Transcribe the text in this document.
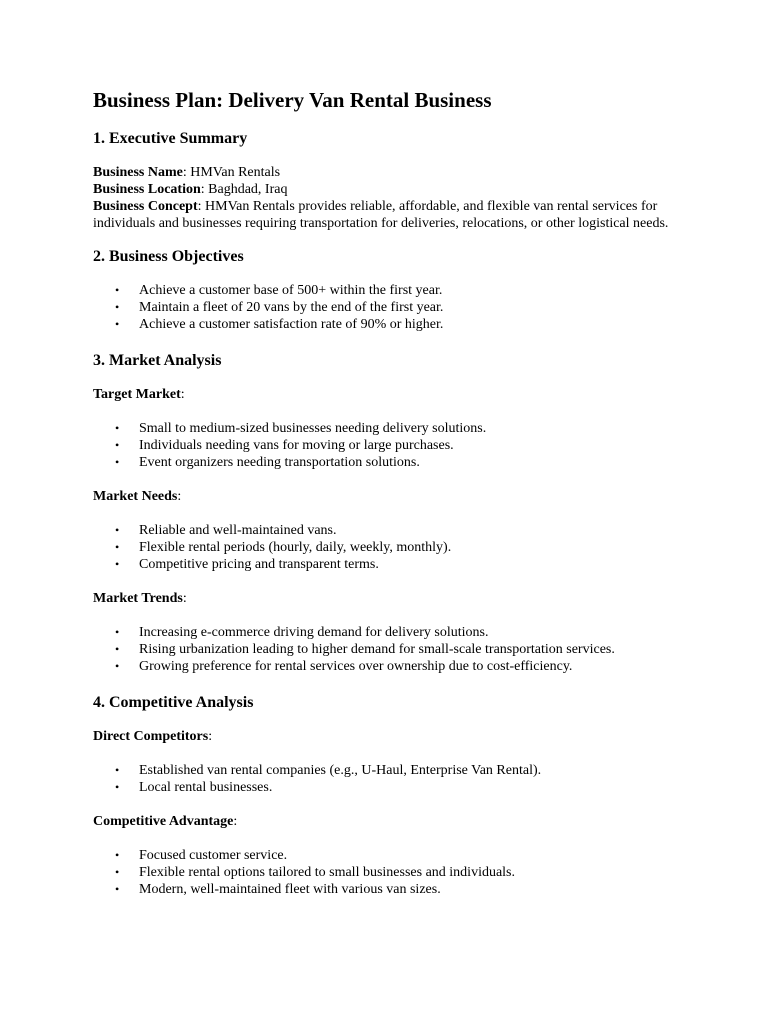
Business Plan: Delivery Van Rental Business
1. Executive Summary

Business Name: HMVan Rentals

Business Location: Baghdad, Iraq

Business Concept: HMVan Rentals provides reliable, affordable, and flexible van rental services for individuals and businesses requiring transportation for deliveries, relocations, or other logistical needs.

2. Business Objectives
• Achieve a customer base of 500+ within the first year.
• Maintain a fleet of 20 vans by the end of the first year.
• Achieve a customer satisfaction rate of 90% or higher.
3. Market Analysis

Target Market:

• Small to medium-sized businesses needing delivery solutions.
• Individuals needing vans for moving or large purchases.
• Event organizers needing transportation solutions.

Market Needs:

• Reliable and well-maintained vans.
• Flexible rental periods (hourly, daily, weekly, monthly).
• Competitive pricing and transparent terms.

Market Trends:

• Increasing e-commerce driving demand for delivery solutions.
• Rising urbanization leading to higher demand for small-scale transportation services.
• Growing preference for rental services over ownership due to cost-efficiency.
4. Competitive Analysis

Direct Competitors:

• Established van rental companies (e.g., U-Haul, Enterprise Van Rental).
• Local rental businesses.

Competitive Advantage:

• Focused customer service.
• Flexible rental options tailored to small businesses and individuals.
• Modern, well-maintained fleet with various van sizes.
